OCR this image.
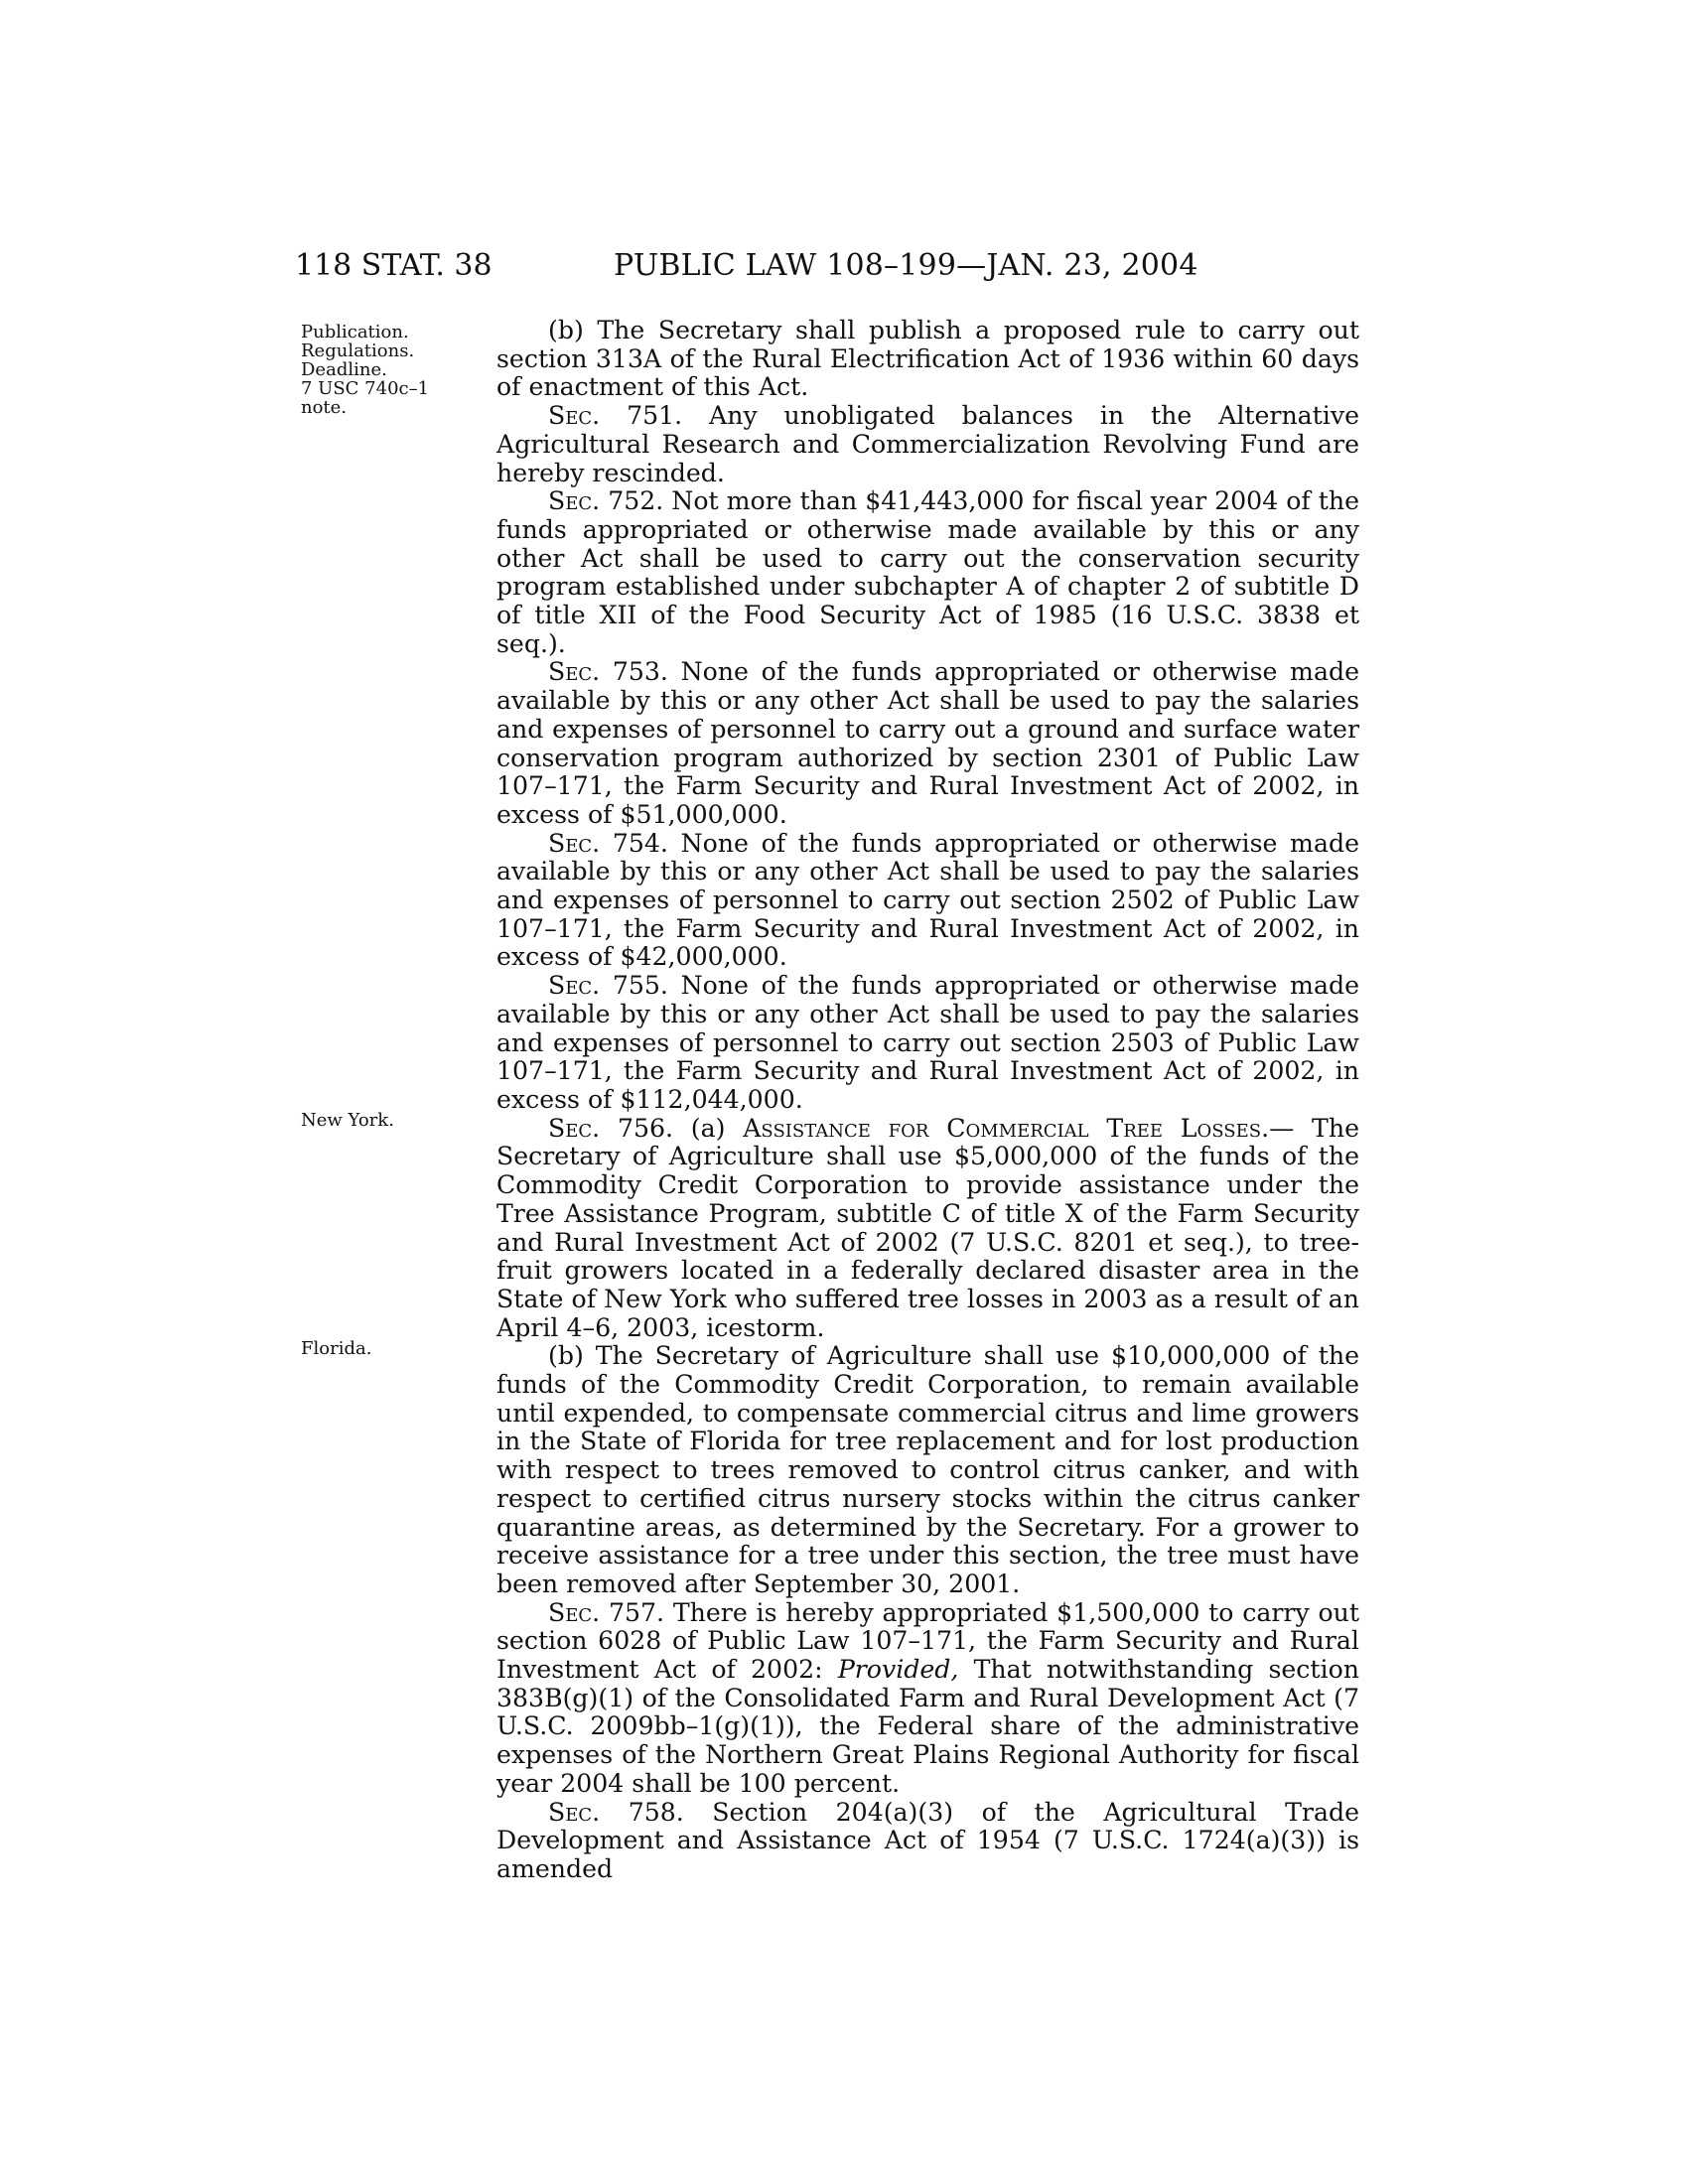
118 STAT. 38	PUBLIC LAW 108–199—JAN. 23, 2004
Publication.
Regulations.
Deadline.
7 USC 740c–1
note.
New York.
Florida.

(b) The Secretary shall publish a proposed rule to carry out section 313A of the Rural Electrification Act of 1936 within 60 days of enactment of this Act.

Sec. 751. Any unobligated balances in the Alternative Agricultural Research and Commercialization Revolving Fund are hereby rescinded.

Sec. 752. Not more than $41,443,000 for fiscal year 2004 of the funds appropriated or otherwise made available by this or any other Act shall be used to carry out the conservation security program established under subchapter A of chapter 2 of subtitle D of title XII of the Food Security Act of 1985 (16 U.S.C. 3838 et seq.).

Sec. 753. None of the funds appropriated or otherwise made available by this or any other Act shall be used to pay the salaries and expenses of personnel to carry out a ground and surface water conservation program authorized by section 2301 of Public Law 107–171, the Farm Security and Rural Investment Act of 2002, in excess of $51,000,000.

Sec. 754. None of the funds appropriated or otherwise made available by this or any other Act shall be used to pay the salaries and expenses of personnel to carry out section 2502 of Public Law 107–171, the Farm Security and Rural Investment Act of 2002, in excess of $42,000,000.

Sec. 755. None of the funds appropriated or otherwise made available by this or any other Act shall be used to pay the salaries and expenses of personnel to carry out section 2503 of Public Law 107–171, the Farm Security and Rural Investment Act of 2002, in excess of $112,044,000.

Sec. 756. (a) Assistance for Commercial Tree Losses.— The Secretary of Agriculture shall use $5,000,000 of the funds of the Commodity Credit Corporation to provide assistance under the Tree Assistance Program, subtitle C of title X of the Farm Security and Rural Investment Act of 2002 (7 U.S.C. 8201 et seq.), to tree-fruit growers located in a federally declared disaster area in the State of New York who suffered tree losses in 2003 as a result of an April 4–6, 2003, icestorm.

(b) The Secretary of Agriculture shall use $10,000,000 of the funds of the Commodity Credit Corporation, to remain available until expended, to compensate commercial citrus and lime growers in the State of Florida for tree replacement and for lost production with respect to trees removed to control citrus canker, and with respect to certified citrus nursery stocks within the citrus canker quarantine areas, as determined by the Secretary. For a grower to receive assistance for a tree under this section, the tree must have been removed after September 30, 2001.

Sec. 757. There is hereby appropriated $1,500,000 to carry out section 6028 of Public Law 107–171, the Farm Security and Rural Investment Act of 2002: Provided, That notwithstanding section 383B(g)(1) of the Consolidated Farm and Rural Development Act (7 U.S.C. 2009bb–1(g)(1)), the Federal share of the administrative expenses of the Northern Great Plains Regional Authority for fiscal year 2004 shall be 100 percent.

Sec. 758. Section 204(a)(3) of the Agricultural Trade Development and Assistance Act of 1954 (7 U.S.C. 1724(a)(3)) is amended
